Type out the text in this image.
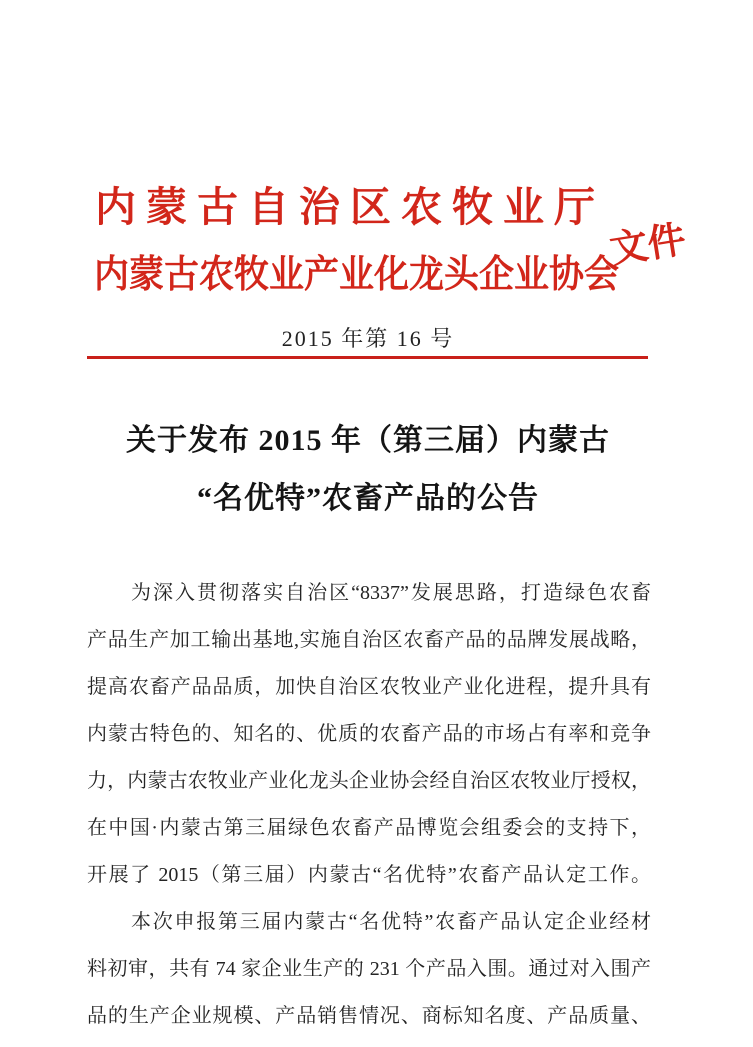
内蒙古自治区农牧业厅
内蒙古农牧业产业化龙头企业协会
文件
2015 年第 16 号
关于发布 2015 年（第三届）内蒙古
“名优特”农畜产品的公告
为深入贯彻落实自治区“8337”发展思路，打造绿色农畜
产品生产加工输出基地,实施自治区农畜产品的品牌发展战略，
提高农畜产品品质，加快自治区农牧业产业化进程，提升具有
内蒙古特色的、知名的、优质的农畜产品的市场占有率和竞争
力，内蒙古农牧业产业化龙头企业协会经自治区农牧业厅授权，
在中国·内蒙古第三届绿色农畜产品博览会组委会的支持下，
开展了 2015（第三届）内蒙古“名优特”农畜产品认定工作。
本次申报第三届内蒙古“名优特”农畜产品认定企业经材
料初审，共有 74 家企业生产的 231 个产品入围。通过对入围产
品的生产企业规模、产品销售情况、商标知名度、产品质量、
